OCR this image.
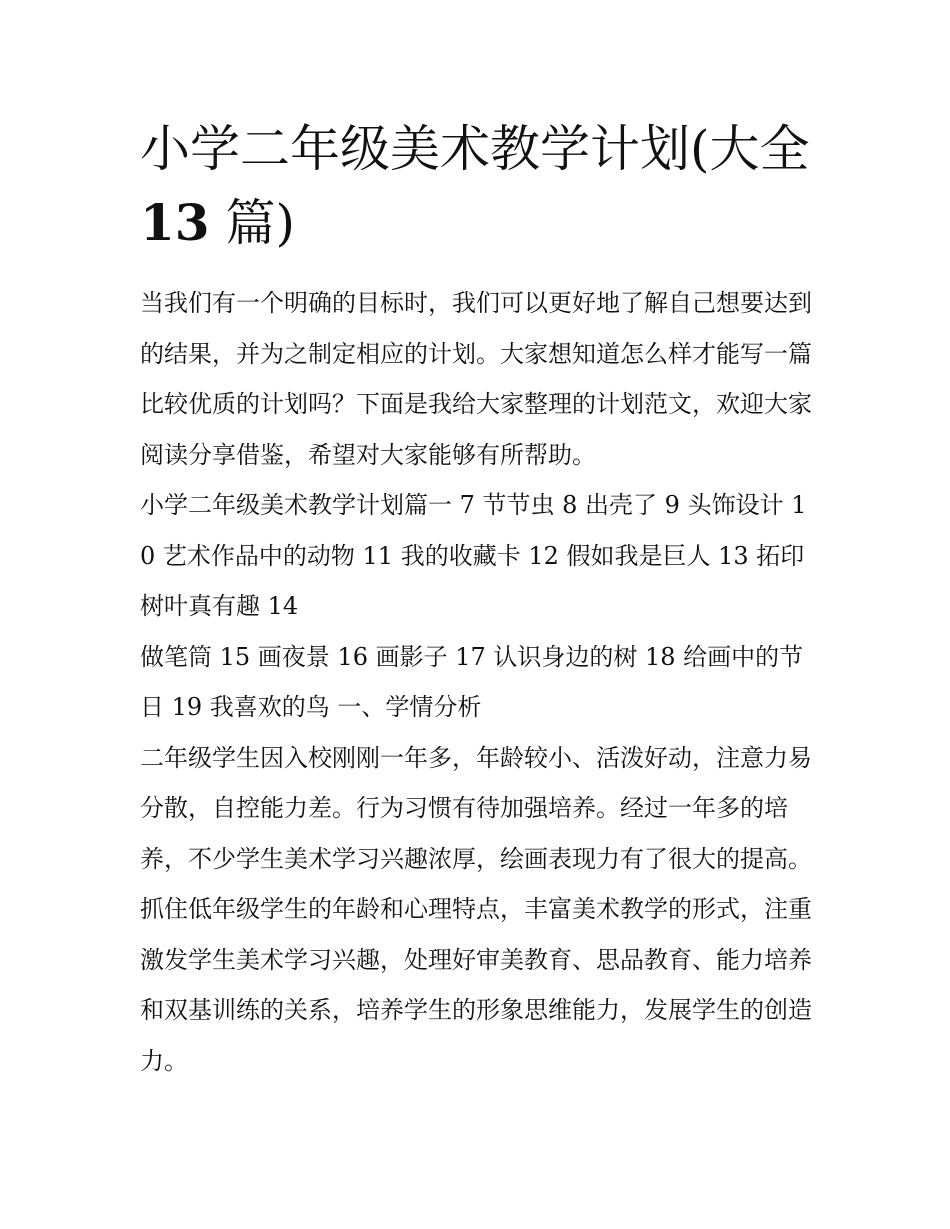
小学二年级美术教学计划(大全
13 篇)

当我们有一个明确的目标时，我们可以更好地了解自己想要达到的结果，并为之制定相应的计划。大家想知道怎么样才能写一篇比较优质的计划吗？下面是我给大家整理的计划范文，欢迎大家阅读分享借鉴，希望对大家能够有所帮助。

小学二年级美术教学计划篇一 7 节节虫 8 出壳了 9 头饰设计 10 艺术作品中的动物 11 我的收藏卡 12 假如我是巨人 13 拓印树叶真有趣 14

做笔筒 15 画夜景 16 画影子 17 认识身边的树 18 给画中的节日 19 我喜欢的鸟 一、学情分析

二年级学生因入校刚刚一年多，年龄较小、活泼好动，注意力易分散，自控能力差。行为习惯有待加强培养。经过一年多的培养，不少学生美术学习兴趣浓厚，绘画表现力有了很大的提高。抓住低年级学生的年龄和心理特点，丰富美术教学的形式，注重激发学生美术学习兴趣，处理好审美教育、思品教育、能力培养和双基训练的关系，培养学生的形象思维能力，发展学生的创造力。
